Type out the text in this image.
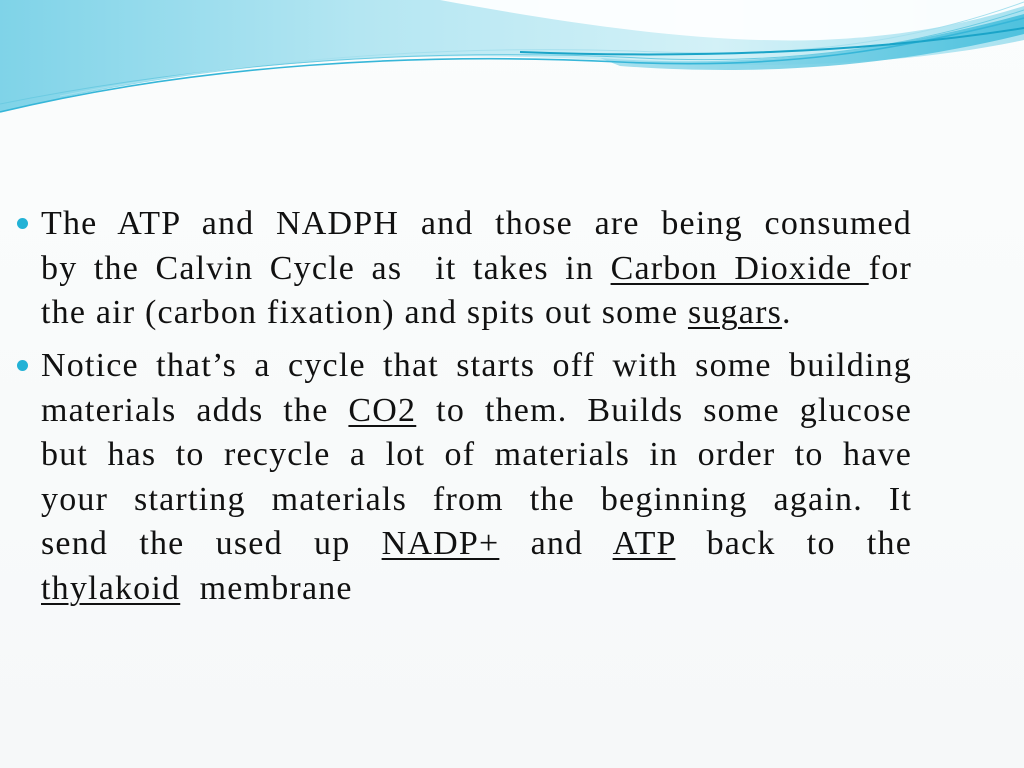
The ATP and NADPH and those are being consumed
by the Calvin Cycle as  it takes in Carbon Dioxide for
the air (carbon fixation) and spits out some sugars.
Notice that’s a cycle that starts off with some building
materials adds the CO2 to them. Builds some glucose
but has to recycle a lot of materials in order to have
your starting materials from the beginning again. It
send the used up NADP+ and ATP back to the
thylakoid  membrane
